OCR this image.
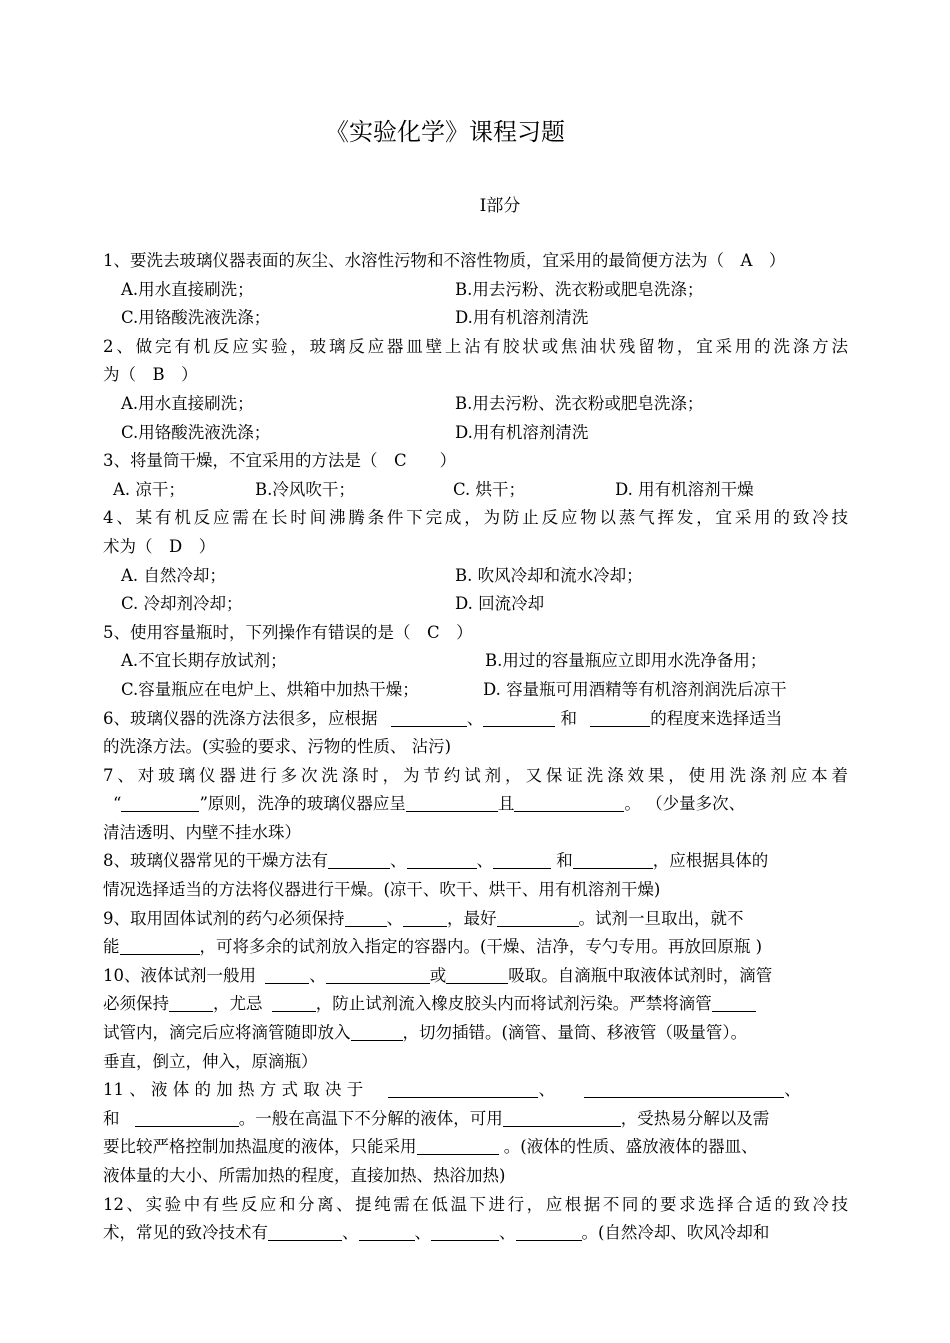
《实验化学》课程习题
Ⅰ部分
1、要洗去玻璃仪器表面的灰尘、水溶性污物和不溶性物质，宜采用的最简便方法为（　A　）
A.用水直接刷洗；	B.用去污粉、洗衣粉或肥皂洗涤；
C.用铬酸洗液洗涤；	D.用有机溶剂清洗
2、做完有机反应实验，玻璃反应器皿壁上沾有胶状或焦油状残留物，宜采用的洗涤方法
为（　B　）
A.用水直接刷洗；	B.用去污粉、洗衣粉或肥皂洗涤；
C.用铬酸洗液洗涤；	D.用有机溶剂清洗
3、将量筒干燥，不宜采用的方法是（　C　　）
A. 凉干；	B.冷风吹干；	C. 烘干；	D. 用有机溶剂干燥
4、某有机反应需在长时间沸腾条件下完成，为防止反应物以蒸气挥发，宜采用的致冷技
术为（　D　）
A. 自然冷却；	B. 吹风冷却和流水冷却；
C. 冷却剂冷却；	D. 回流冷却
5、使用容量瓶时，下列操作有错误的是（　C　）
A.不宜长期存放试剂；	B.用过的容量瓶应立即用水洗净备用；
C.容量瓶应在电炉上、烘箱中加热干燥；	D. 容量瓶可用酒精等有机溶剂润洗后凉干
6、玻璃仪器的洗涤方法很多，应根据	、	和	的程度来选择适当
的洗涤方法。(实验的要求、污物的性质、 沾污)
7、对玻璃仪器进行多次洗涤时，为节约试剂，又保证洗涤效果，使用洗涤剂应本着
“	”原则，洗净的玻璃仪器应呈	且	。 （少量多次、
清洁透明、内壁不挂水珠）
8、玻璃仪器常见的干燥方法有	、	、	和	，应根据具体的
情况选择适当的方法将仪器进行干燥。(凉干、吹干、烘干、用有机溶剂干燥)
9、取用固体试剂的药勺必须保持	、	，最好	。试剂一旦取出，就不
能	，可将多余的试剂放入指定的容器内。(干燥、洁净，专勺专用。再放回原瓶 )
10、液体试剂一般用	、	或	吸取。自滴瓶中取液体试剂时，滴管
必须保持	，尤忌	，防止试剂流入橡皮胶头内而将试剂污染。严禁将滴管
试管内，滴完后应将滴管随即放入	，切勿插错。(滴管、量筒、移液管（吸量管）。
垂直，倒立，伸入，原滴瓶）
11 、 液 体 的 加 热 方 式 取 决 于	、	、
和	。一般在高温下不分解的液体，可用	，受热易分解以及需
要比较严格控制加热温度的液体，只能采用	。(液体的性质、盛放液体的器皿、
液体量的大小、所需加热的程度，直接加热、热浴加热)
12、实验中有些反应和分离、提纯需在低温下进行，应根据不同的要求选择合适的致冷技
术，常见的致冷技术有	、	、	、	。(自然冷却、吹风冷却和
